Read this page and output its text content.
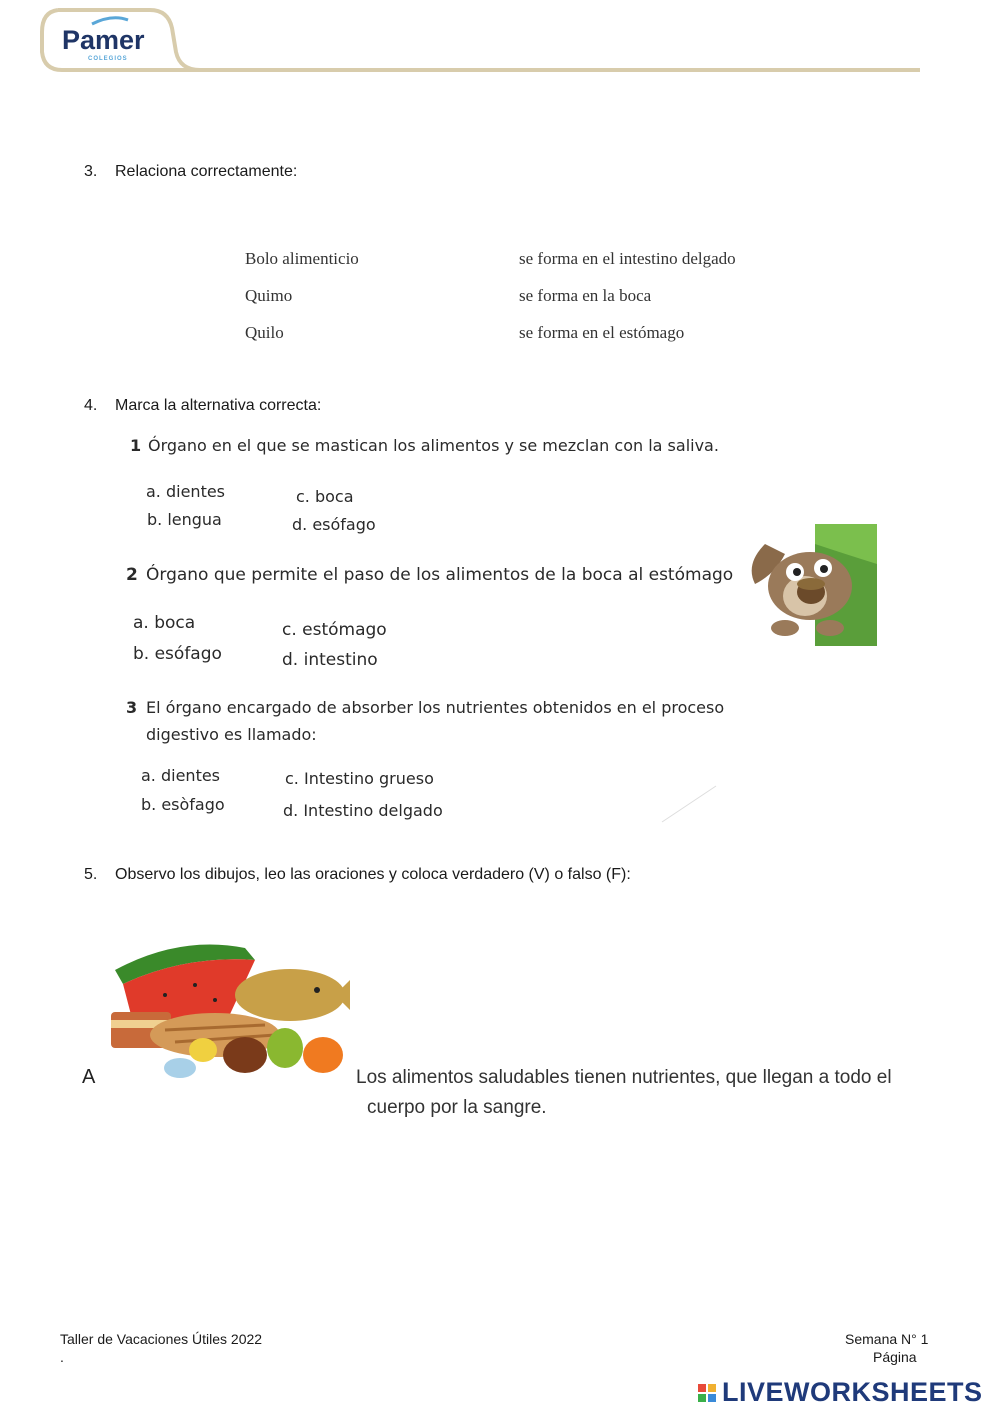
Pamer
COLEGIOS
3. Relaciona correctamente:
Bolo alimenticio
Quimo
Quilo
se forma en el intestino delgado
se forma en la boca
se forma en el estómago
4. Marca la alternativa correcta:
1 Órgano en el que se mastican los alimentos y se mezclan con la saliva.
a. dientes
b. lengua
c. boca
d. esófago
2 Órgano que permite el paso de los alimentos de la boca al estómago
a. boca
b. esófago
c. estómago
d. intestino
3 El órgano encargado de absorber los nutrientes obtenidos en el proceso
digestivo es llamado:
a. dientes
b. esòfago
c. Intestino grueso
d. Intestino delgado
5. Observo los dibujos, leo las oraciones y coloca verdadero (V) o falso (F):
A	Los alimentos saludables tienen nutrientes, que llegan a todo el
cuerpo por la sangre.
Taller de Vacaciones Útiles 2022
.
Semana N° 1
Página

LIVEWORKSHEETS
